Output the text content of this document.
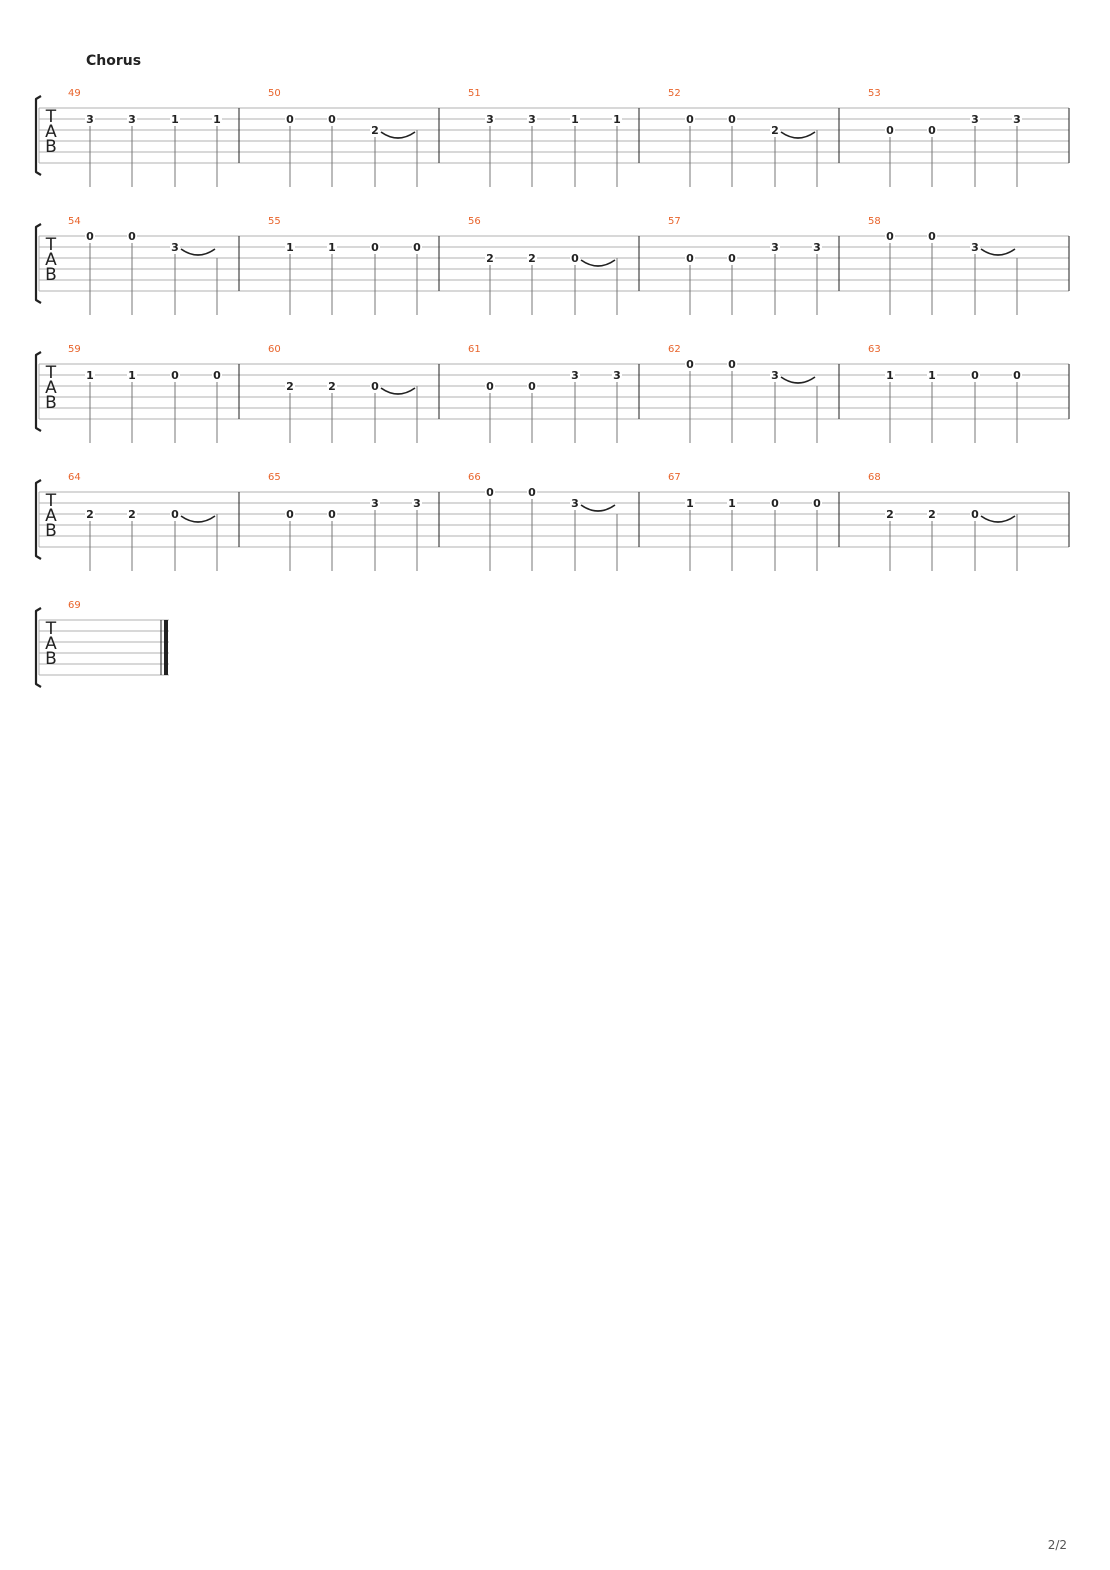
Chorus
T
A
B
49
3	3	1	1
50
0	0
2
51
3	3	1	1
52
0	0
2
53
0	0
3	3
T
A
B
54
0	0
3
55
1	1	0	0
56
2	2	0
57
0	0
3	3
58
0	0
3
T
A
B
59
1	1	0	0
60
2	2	0
61
0	0
3	3
62
0	0
3
63
1	1	0	0
T
A
B
64
2	2	0
65
0	0
3	3
66
0	0
3
67
1	1	0	0
68
2	2	0
T
A
B
69
2/2
